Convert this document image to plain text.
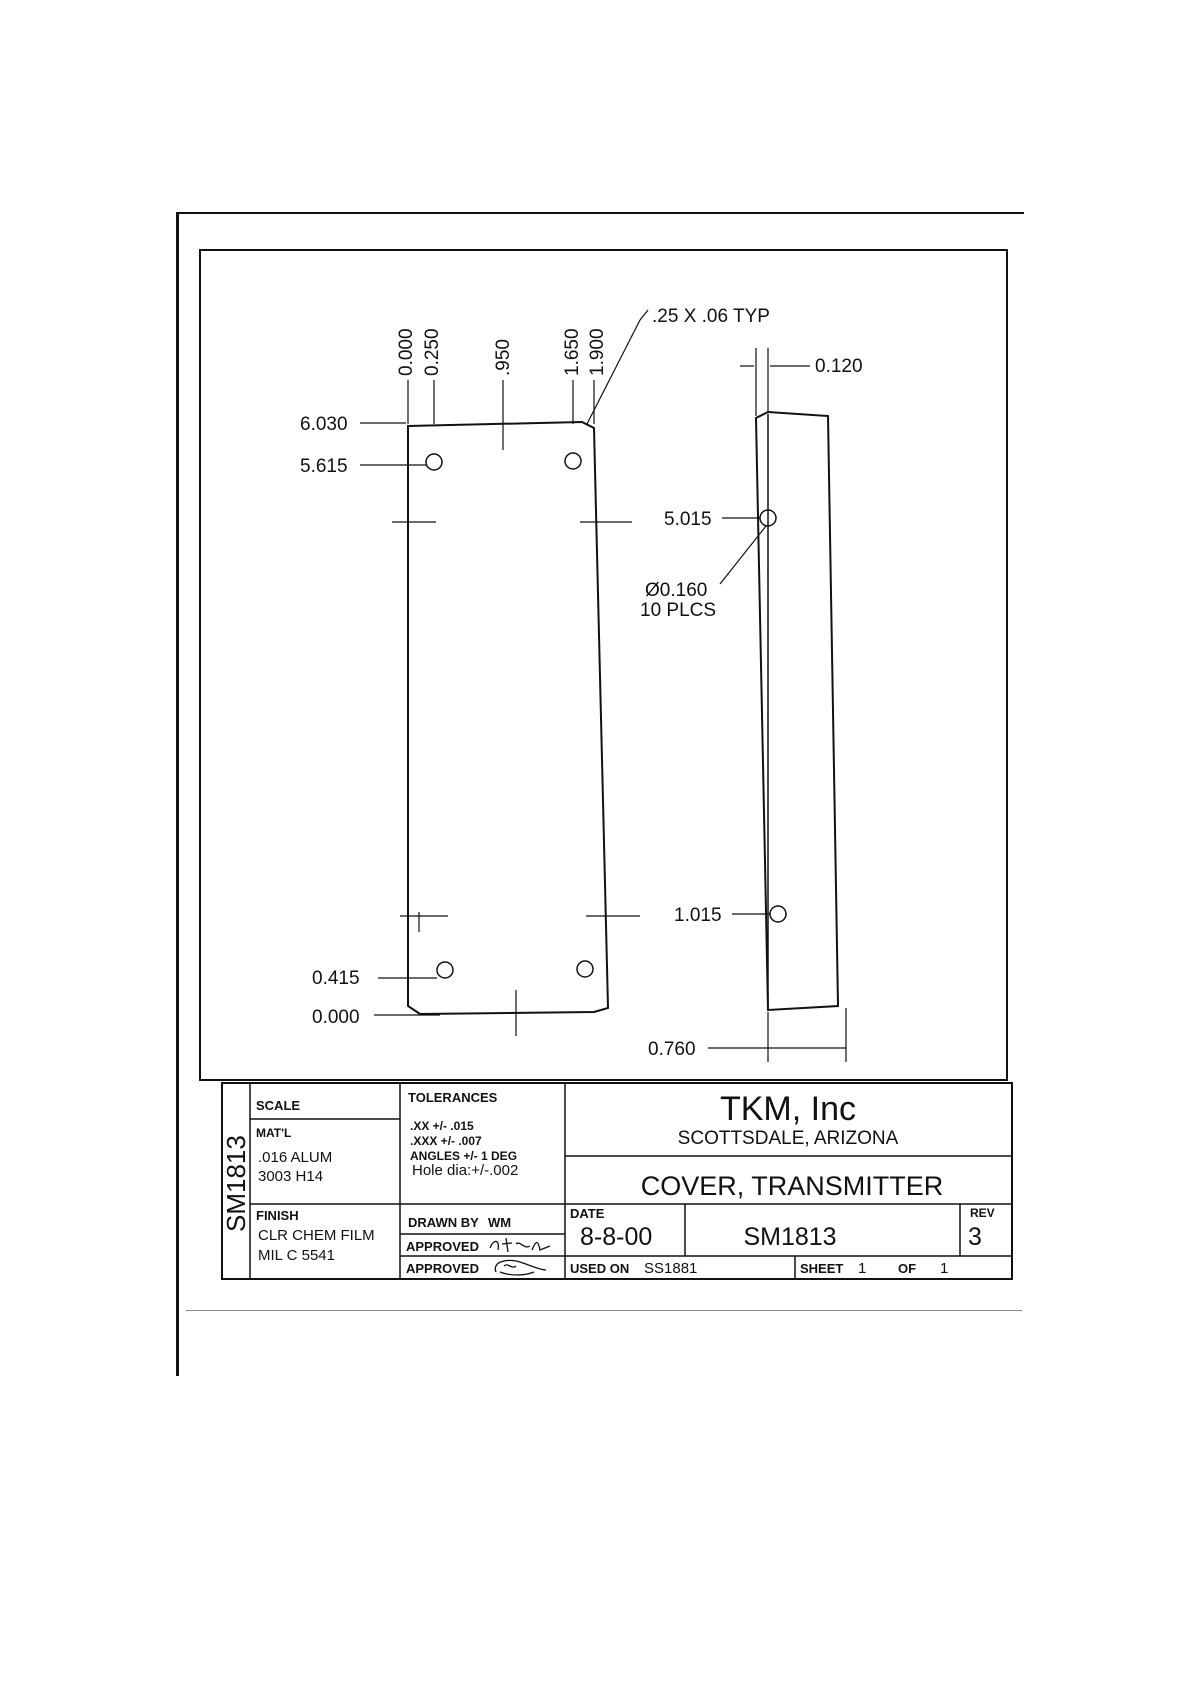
0.000 0.250	.950	1.650 1.900
6.030
5.615
0.415
0.000
.25 X .06 TYP
0.120
5.015
Ø0.160
10 PLCS
1.015
0.760
SM1813
SCALE
MAT'L
.016 ALUM
3003 H14
FINISH
CLR CHEM FILM
MIL C 5541
TOLERANCES
.XX +/- .015
.XXX +/- .007
ANGLES +/- 1 DEG
Hole dia:+/-.002
DRAWN BY WM
APPROVED
APPROVED
TKM, Inc
SCOTTSDALE, ARIZONA
COVER, TRANSMITTER
DATE
8-8-00	SM1813
REV
3
USED ON SS1881	SHEET 1 OF 1
